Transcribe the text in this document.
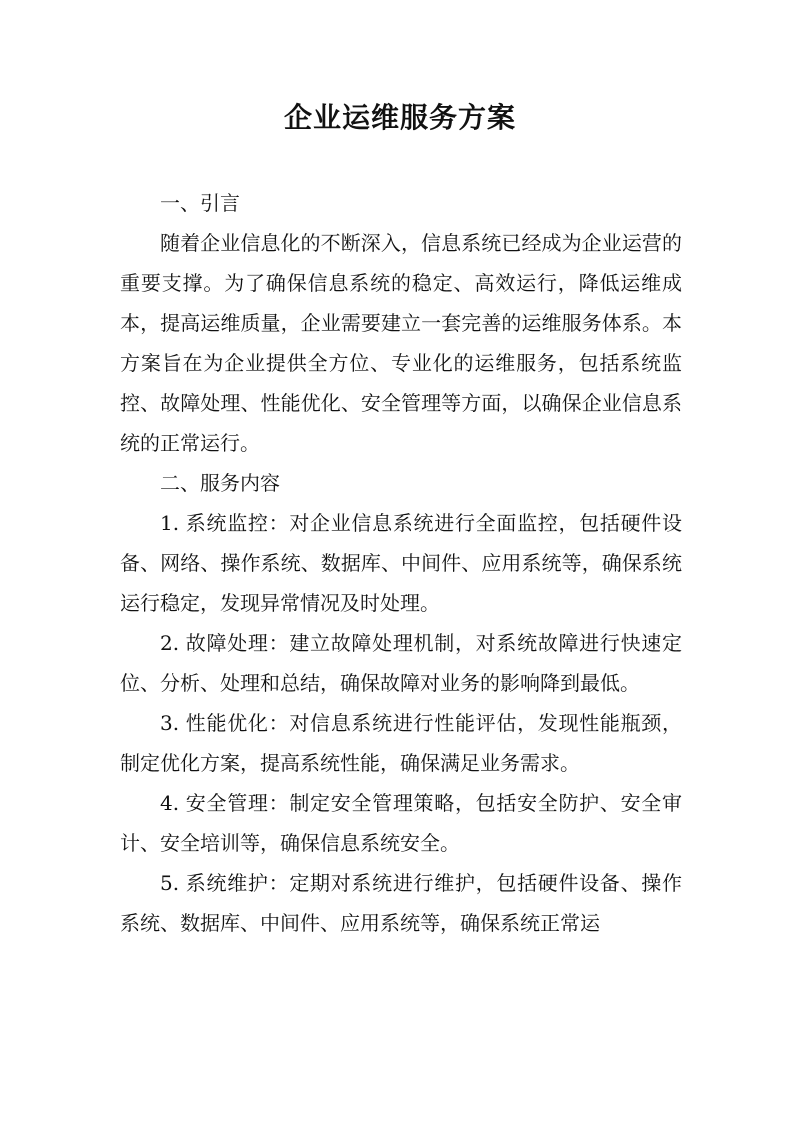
企业运维服务方案

一、引言

随着企业信息化的不断深入，信息系统已经成为企业运营的重要支撑。为了确保信息系统的稳定、高效运行，降低运维成本，提高运维质量，企业需要建立一套完善的运维服务体系。本方案旨在为企业提供全方位、专业化的运维服务，包括系统监控、故障处理、性能优化、安全管理等方面，以确保企业信息系统的正常运行。

二、服务内容

1. 系统监控：对企业信息系统进行全面监控，包括硬件设备、网络、操作系统、数据库、中间件、应用系统等，确保系统运行稳定，发现异常情况及时处理。

2. 故障处理：建立故障处理机制，对系统故障进行快速定位、分析、处理和总结，确保故障对业务的影响降到最低。

3. 性能优化：对信息系统进行性能评估，发现性能瓶颈，制定优化方案，提高系统性能，确保满足业务需求。

4. 安全管理：制定安全管理策略，包括安全防护、安全审计、安全培训等，确保信息系统安全。

5. 系统维护：定期对系统进行维护，包括硬件设备、操作系统、数据库、中间件、应用系统等，确保系统正常运
